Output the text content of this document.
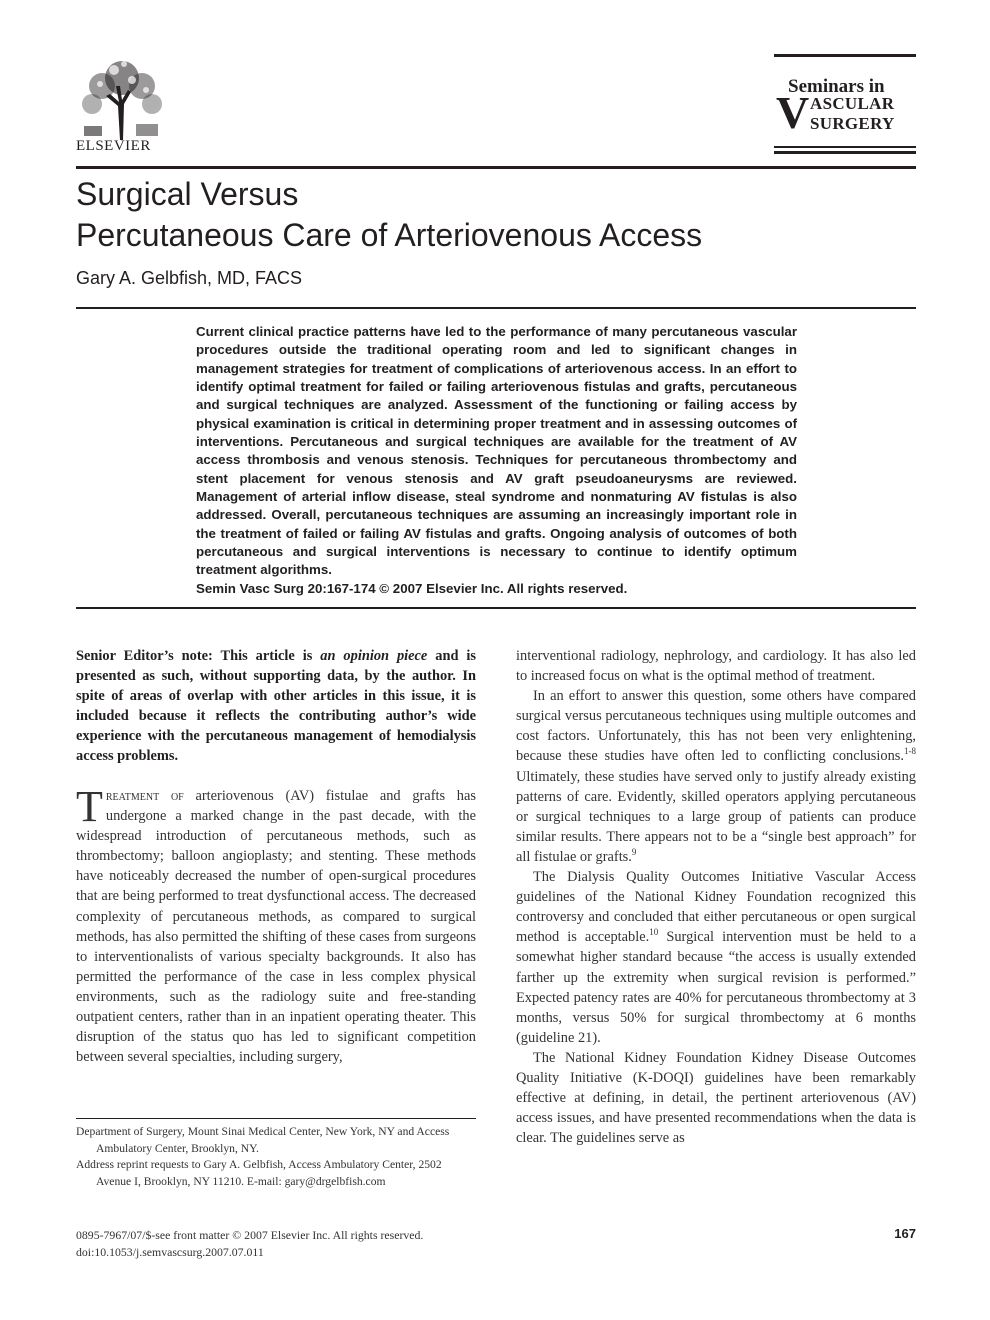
ELSEVIER
Seminars in
V ASCULAR
SURGERY
Surgical Versus
Percutaneous Care of Arteriovenous Access
Gary A. Gelbfish, MD, FACS
Current clinical practice patterns have led to the performance of many percutaneous vascular procedures outside the traditional operating room and led to significant changes in management strategies for treatment of complications of arteriovenous access. In an effort to identify optimal treatment for failed or failing arteriovenous fistulas and grafts, percutaneous and surgical techniques are analyzed. Assessment of the functioning or failing access by physical examination is critical in determining proper treatment and in assessing outcomes of interventions. Percutaneous and surgical techniques are available for the treatment of AV access thrombosis and venous stenosis. Techniques for percutaneous thrombectomy and stent placement for venous stenosis and AV graft pseudoaneurysms are reviewed. Management of arterial inflow disease, steal syndrome and nonmaturing AV fistulas is also addressed. Overall, percutaneous techniques are assuming an increasingly important role in the treatment of failed or failing AV fistulas and grafts. Ongoing analysis of outcomes of both percutaneous and surgical interventions is necessary to continue to identify optimum treatment algorithms.
Semin Vasc Surg 20:167-174 © 2007 Elsevier Inc. All rights reserved.
Senior Editor’s note: This article is an opinion piece and is presented as such, without supporting data, by the author. In spite of areas of overlap with other articles in this issue, it is included because it reflects the contributing author’s wide experience with the percutaneous management of hemodialysis access problems.

Treatment of arteriovenous (AV) fistulae and grafts has undergone a marked change in the past decade, with the widespread introduction of percutaneous methods, such as thrombectomy; balloon angioplasty; and stenting. These methods have noticeably decreased the number of open-surgical procedures that are being performed to treat dysfunctional access. The decreased complexity of percutaneous methods, as compared to surgical methods, has also permitted the shifting of these cases from surgeons to interventionalists of various specialty backgrounds. It also has permitted the performance of the case in less complex physical environments, such as the radiology suite and free-standing outpatient centers, rather than in an inpatient operating theater. This disruption of the status quo has led to significant competition between several specialties, including surgery,

interventional radiology, nephrology, and cardiology. It has also led to increased focus on what is the optimal method of treatment.

In an effort to answer this question, some others have compared surgical versus percutaneous techniques using multiple outcomes and cost factors. Unfortunately, this has not been very enlightening, because these studies have often led to conflicting conclusions.$^{1-8}$ Ultimately, these studies have served only to justify already existing patterns of care. Evidently, skilled operators applying percutaneous or surgical techniques to a large group of patients can produce similar results. There appears not to be a “single best approach” for all fistulae or grafts.$^9$

The Dialysis Quality Outcomes Initiative Vascular Access guidelines of the National Kidney Foundation recognized this controversy and concluded that either percutaneous or open surgical method is acceptable.$^{10}$ Surgical intervention must be held to a somewhat higher standard because “the access is usually extended farther up the extremity when surgical revision is performed.” Expected patency rates are 40% for percutaneous thrombectomy at 3 months, versus 50% for surgical thrombectomy at 6 months (guideline 21).

The National Kidney Foundation Kidney Disease Outcomes Quality Initiative (K-DOQI) guidelines have been remarkably effective at defining, in detail, the pertinent arteriovenous (AV) access issues, and have presented recommendations when the data is clear. The guidelines serve as

Department of Surgery, Mount Sinai Medical Center, New York, NY and Access Ambulatory Center, Brooklyn, NY.

Address reprint requests to Gary A. Gelbfish, Access Ambulatory Center, 2502 Avenue I, Brooklyn, NY 11210. E-mail: gary@drgelbfish.com

0895-7967/07/$-see front matter © 2007 Elsevier Inc. All rights reserved.
doi:10.1053/j.semvascsurg.2007.07.011
167
